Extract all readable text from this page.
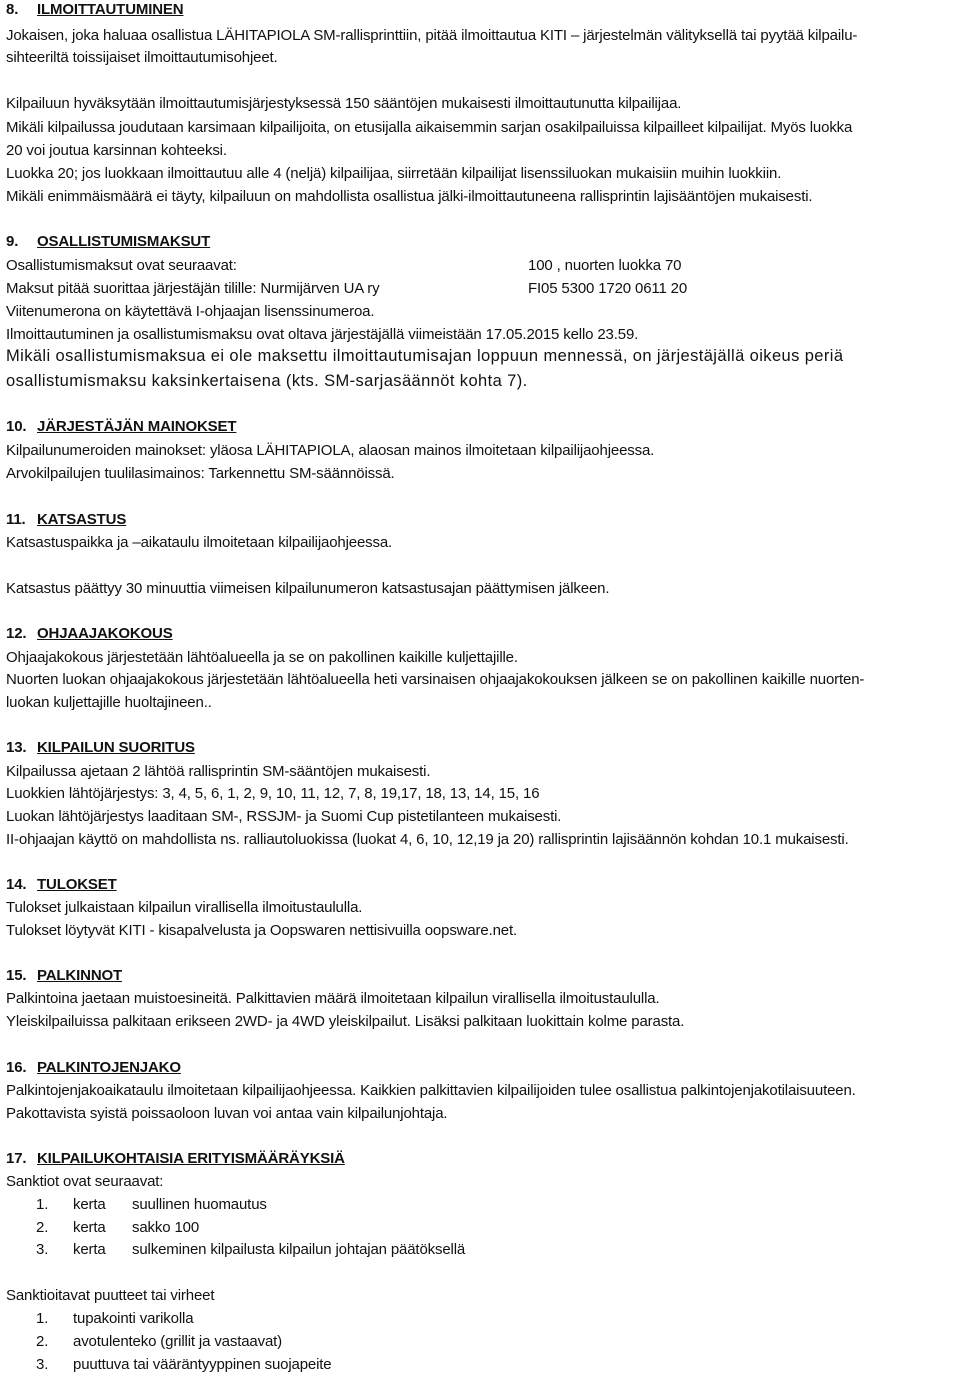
8. ILMOITTAUTUMINEN
Jokaisen, joka haluaa osallistua LÄHITAPIOLA SM-rallisprinttiin, pitää ilmoittautua KITI – järjestelmän välityksellä tai pyytää kilpailu-
sihteeriltä toissijaiset ilmoittautumisohjeet.
Kilpailuun hyväksytään ilmoittautumisjärjestyksessä 150 sääntöjen mukaisesti ilmoittautunutta kilpailijaa.
Mikäli kilpailussa joudutaan karsimaan kilpailijoita, on etusijalla aikaisemmin sarjan osakilpailuissa kilpailleet kilpailijat. Myös luokka
20 voi joutua karsinnan kohteeksi.
Luokka 20; jos luokkaan ilmoittautuu alle 4 (neljä) kilpailijaa, siirretään kilpailijat lisenssiluokan mukaisiin muihin luokkiin.
Mikäli enimmäismäärä ei täyty, kilpailuun on mahdollista osallistua jälki-ilmoittautuneena rallisprintin lajisääntöjen mukaisesti.
9. OSALLISTUMISMAKSUT
Osallistumismaksut ovat seuraavat:	100 , nuorten luokka 70
Maksut pitää suorittaa järjestäjän tilille: Nurmijärven UA ry	FI05 5300 1720 0611 20
Viitenumerona on käytettävä I-ohjaajan lisenssinumeroa.
Ilmoittautuminen ja osallistumismaksu ovat oltava järjestäjällä viimeistään 17.05.2015 kello 23.59.
Mikäli osallistumismaksua ei ole maksettu ilmoittautumisajan loppuun mennessä, on järjestäjällä oikeus periä
osallistumismaksu kaksinkertaisena (kts. SM-sarjasäännöt kohta 7).
10. JÄRJESTÄJÄN MAINOKSET
Kilpailunumeroiden mainokset: yläosa LÄHITAPIOLA, alaosan mainos ilmoitetaan kilpailijaohjeessa.
Arvokilpailujen tuulilasimainos: Tarkennettu SM-säännöissä.
11. KATSASTUS
Katsastuspaikka ja –aikataulu ilmoitetaan kilpailijaohjeessa.
Katsastus päättyy 30 minuuttia viimeisen kilpailunumeron katsastusajan päättymisen jälkeen.
12. OHJAAJAKOKOUS
Ohjaajakokous järjestetään lähtöalueella ja se on pakollinen kaikille kuljettajille.
Nuorten luokan ohjaajakokous järjestetään lähtöalueella heti varsinaisen ohjaajakokouksen jälkeen se on pakollinen kaikille nuorten-
luokan kuljettajille huoltajineen..
13. KILPAILUN SUORITUS
Kilpailussa ajetaan 2 lähtöä rallisprintin SM-sääntöjen mukaisesti.
Luokkien lähtöjärjestys: 3, 4, 5, 6, 1, 2, 9, 10, 11, 12, 7, 8, 19,17, 18, 13, 14, 15, 16
Luokan lähtöjärjestys laaditaan SM-, RSSJM- ja Suomi Cup pistetilanteen mukaisesti.
II-ohjaajan käyttö on mahdollista ns. ralliautoluokissa (luokat 4, 6, 10, 12,19 ja 20) rallisprintin lajisäännön kohdan 10.1 mukaisesti.
14. TULOKSET
Tulokset julkaistaan kilpailun virallisella ilmoitustaululla.
Tulokset löytyvät KITI - kisapalvelusta ja Oopswaren nettisivuilla oopsware.net.
15. PALKINNOT
Palkintoina jaetaan muistoesineitä. Palkittavien määrä ilmoitetaan kilpailun virallisella ilmoitustaululla.
Yleiskilpailuissa palkitaan erikseen 2WD- ja 4WD yleiskilpailut. Lisäksi palkitaan luokittain kolme parasta.
16. PALKINTOJENJAKO
Palkintojenjakoaikataulu ilmoitetaan kilpailijaohjeessa. Kaikkien palkittavien kilpailijoiden tulee osallistua palkintojenjakotilaisuuteen.
Pakottavista syistä poissaoloon luvan voi antaa vain kilpailunjohtaja.
17. KILPAILUKOHTAISIA ERITYISMÄÄRÄYKSIÄ
Sanktiot ovat seuraavat:
1. kerta suullinen huomautus
2. kerta sakko 100
3. kerta sulkeminen kilpailusta kilpailun johtajan päätöksellä
Sanktioitavat puutteet tai virheet
1. tupakointi varikolla
2. avotulenteko (grillit ja vastaavat)
3. puuttuva tai vääräntyyppinen suojapeite
